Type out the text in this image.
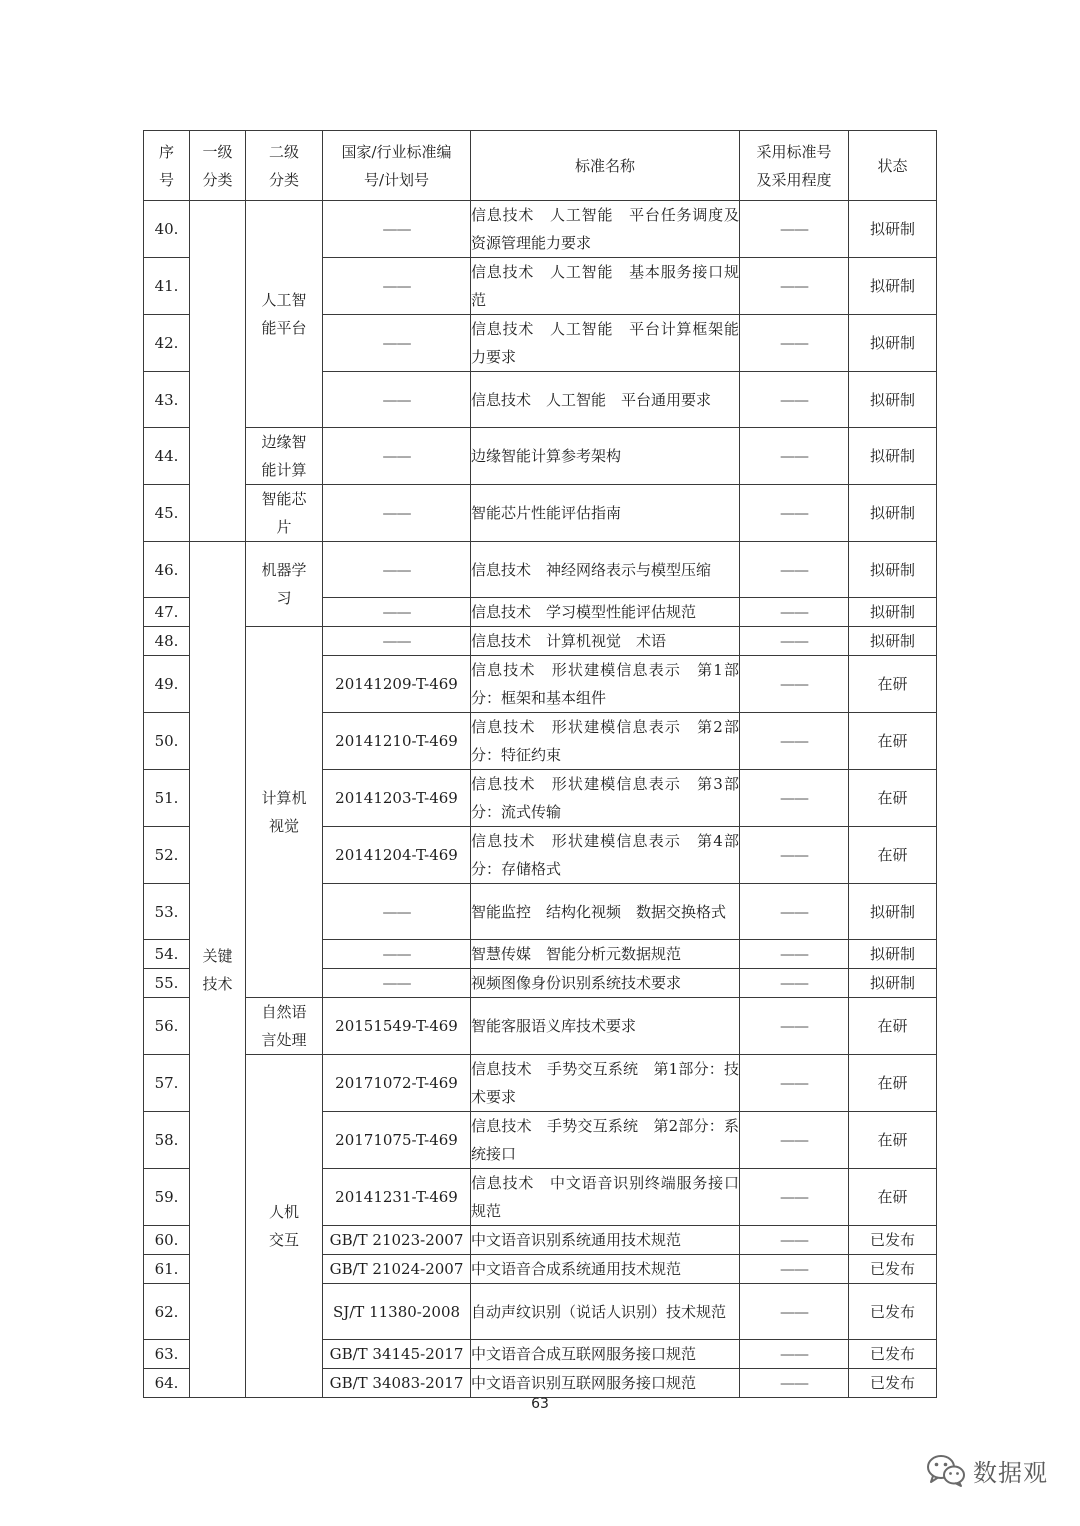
序号	一级分类	二级分类	国家/行业标准编号/计划号	标准名称	采用标准号及采用程度	状态
40.		人工智能平台	——	信息技术　人工智能　平台任务调度及资源管理能力要求	——	拟研制
41.			——	信息技术　人工智能　基本服务接口规范	——	拟研制
42.			——	信息技术　人工智能　平台计算框架能力要求	——	拟研制
43.			——	信息技术　人工智能　平台通用要求	——	拟研制
44.		边缘智能计算	——	边缘智能计算参考架构	——	拟研制
45.		智能芯片	——	智能芯片性能评估指南	——	拟研制
46.	关键技术	机器学习	——	信息技术　神经网络表示与模型压缩	——	拟研制
47.			——	信息技术　学习模型性能评估规范	——	拟研制
48.		计算机视觉	——	信息技术　计算机视觉　术语	——	拟研制
49.			20141209-T-469	信息技术　形状建模信息表示　第1部分：框架和基本组件	——	在研
50.			20141210-T-469	信息技术　形状建模信息表示　第2部分：特征约束	——	在研
51.			20141203-T-469	信息技术　形状建模信息表示　第3部分：流式传输	——	在研
52.			20141204-T-469	信息技术　形状建模信息表示　第4部分：存储格式	——	在研
53.			——	智能监控　结构化视频　数据交换格式	——	拟研制
54.			——	智慧传媒　智能分析元数据规范	——	拟研制
55.			——	视频图像身份识别系统技术要求	——	拟研制
56.		自然语言处理	20151549-T-469	智能客服语义库技术要求	——	在研
57.		人机交互	20171072-T-469	信息技术　手势交互系统　第1部分：技术要求	——	在研
58.			20171075-T-469	信息技术　手势交互系统　第2部分：系统接口	——	在研
59.			20141231-T-469	信息技术　中文语音识别终端服务接口规范	——	在研
60.			GB/T 21023-2007	中文语音识别系统通用技术规范	——	已发布
61.			GB/T 21024-2007	中文语音合成系统通用技术规范	——	已发布
62.			SJ/T 11380-2008	自动声纹识别（说话人识别）技术规范	——	已发布
63.			GB/T 34145-2017	中文语音合成互联网服务接口规范	——	已发布
64.			GB/T 34083-2017	中文语音识别互联网服务接口规范	——	已发布
63
数据观
